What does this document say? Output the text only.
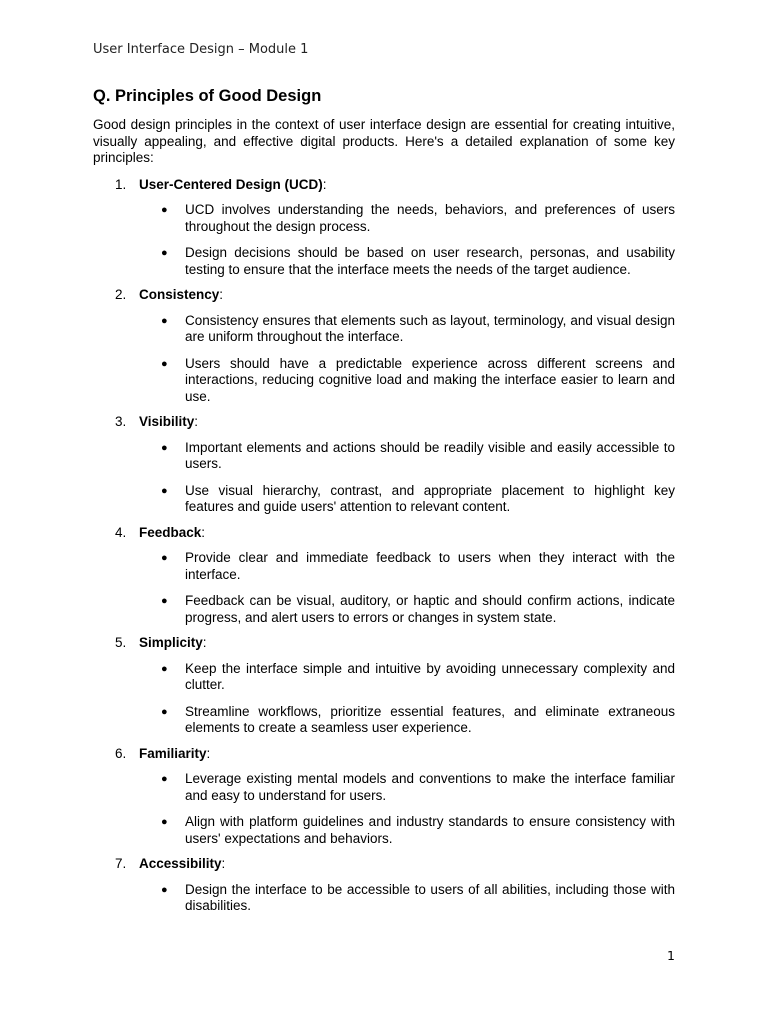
User Interface Design – Module 1
Q. Principles of Good Design

Good design principles in the context of user interface design are essential for creating intuitive, visually appealing, and effective digital products. Here's a detailed explanation of some key principles:

1. User-Centered Design (UCD):
● UCD involves understanding the needs, behaviors, and preferences of users throughout the design process.
● Design decisions should be based on user research, personas, and usability testing to ensure that the interface meets the needs of the target audience.
2. Consistency:
● Consistency ensures that elements such as layout, terminology, and visual design are uniform throughout the interface.
● Users should have a predictable experience across different screens and interactions, reducing cognitive load and making the interface easier to learn and use.
3. Visibility:
● Important elements and actions should be readily visible and easily accessible to users.
● Use visual hierarchy, contrast, and appropriate placement to highlight key features and guide users' attention to relevant content.
4. Feedback:
● Provide clear and immediate feedback to users when they interact with the interface.
● Feedback can be visual, auditory, or haptic and should confirm actions, indicate progress, and alert users to errors or changes in system state.
5. Simplicity:
● Keep the interface simple and intuitive by avoiding unnecessary complexity and clutter.
● Streamline workflows, prioritize essential features, and eliminate extraneous elements to create a seamless user experience.
6. Familiarity:
● Leverage existing mental models and conventions to make the interface familiar and easy to understand for users.
● Align with platform guidelines and industry standards to ensure consistency with users' expectations and behaviors.
7. Accessibility:
● Design the interface to be accessible to users of all abilities, including those with disabilities.
1
